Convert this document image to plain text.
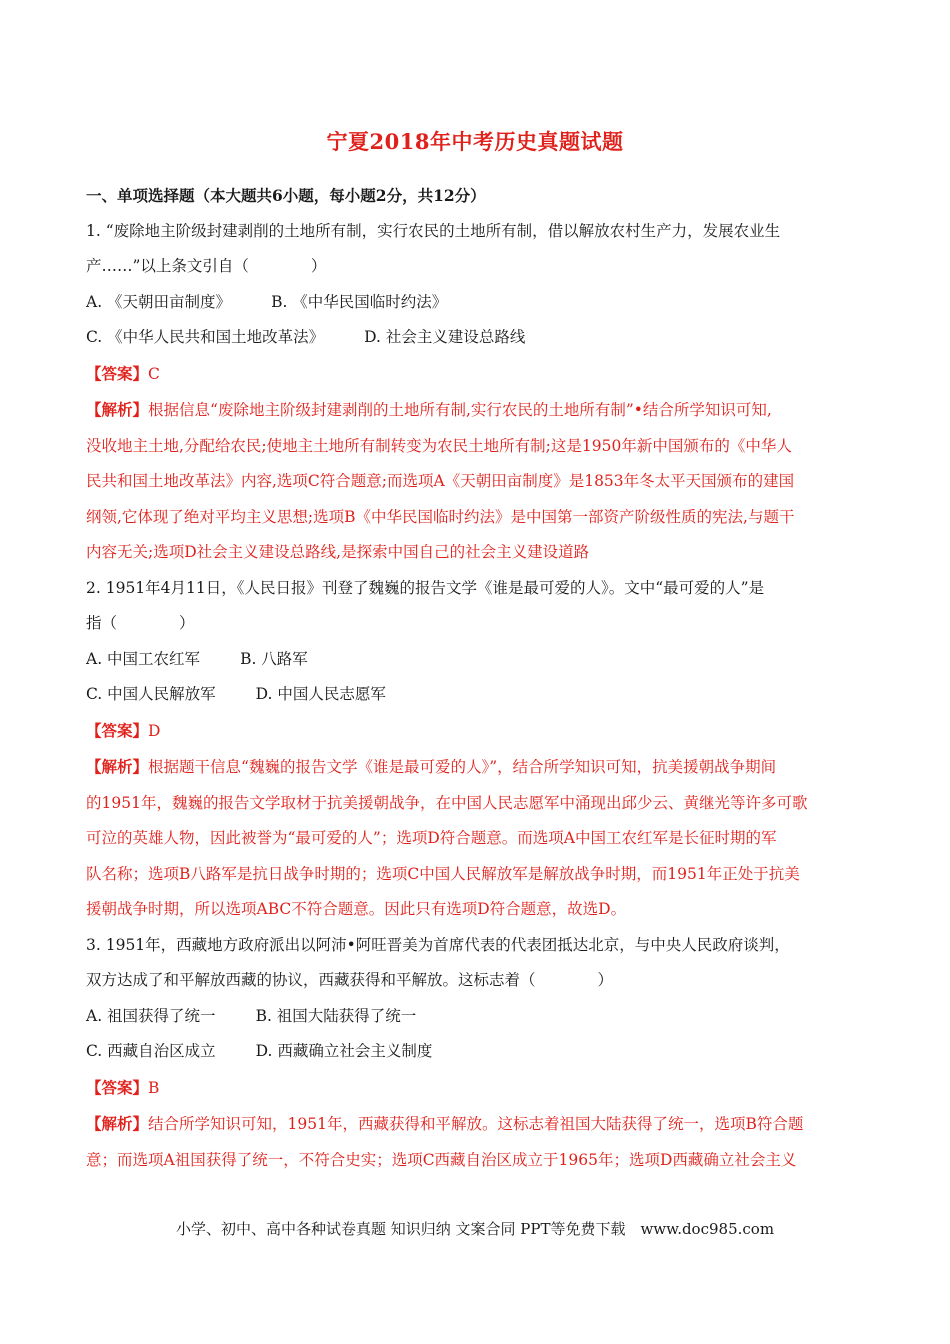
宁夏2018年中考历史真题试题
一、单项选择题（本大题共6小题，每小题2分，共12分）
1. “废除地主阶级封建剥削的土地所有制，实行农民的土地所有制，借以解放农村生产力，发展农业生
产……”以上条文引自（　　　　）
A. 《天朝田亩制度》	B. 《中华民国临时约法》
C. 《中华人民共和国土地改革法》	D. 社会主义建设总路线
【答案】C
【解析】根据信息“废除地主阶级封建剥削的土地所有制,实行农民的土地所有制”•结合所学知识可知,
没收地主土地,分配给农民;使地主土地所有制转变为农民土地所有制;这是1950年新中国颁布的《中华人
民共和国土地改革法》内容,选项C符合题意;而选项A《天朝田亩制度》是1853年冬太平天国颁布的建国
纲领,它体现了绝对平均主义思想;选项B《中华民国临时约法》是中国第一部资产阶级性质的宪法,与题干
内容无关;选项D社会主义建设总路线,是探索中国自己的社会主义建设道路
2. 1951年4月11日，《人民日报》刊登了魏巍的报告文学《谁是最可爱的人》。文中“最可爱的人”是
指（　　　　）
A. 中国工农红军	B. 八路军
C. 中国人民解放军	D. 中国人民志愿军
【答案】D
【解析】根据题干信息“魏巍的报告文学《谁是最可爱的人》”，结合所学知识可知，抗美援朝战争期间
的1951年，魏巍的报告文学取材于抗美援朝战争，在中国人民志愿军中涌现出邱少云、黄继光等许多可歌
可泣的英雄人物，因此被誉为“最可爱的人”；选项D符合题意。而选项A中国工农红军是长征时期的军
队名称；选项B八路军是抗日战争时期的；选项C中国人民解放军是解放战争时期，而1951年正处于抗美
援朝战争时期，所以选项ABC不符合题意。因此只有选项D符合题意，故选D。
3. 1951年，西藏地方政府派出以阿沛•阿旺晋美为首席代表的代表团抵达北京，与中央人民政府谈判，
双方达成了和平解放西藏的协议，西藏获得和平解放。这标志着（　　　　）
A. 祖国获得了统一	B. 祖国大陆获得了统一
C. 西藏自治区成立	D. 西藏确立社会主义制度
【答案】B
【解析】结合所学知识可知，1951年，西藏获得和平解放。这标志着祖国大陆获得了统一，选项B符合题
意；而选项A祖国获得了统一，不符合史实；选项C西藏自治区成立于1965年；选项D西藏确立社会主义
小学、初中、高中各种试卷真题 知识归纳 文案合同 PPT等免费下载　www.doc985.com
